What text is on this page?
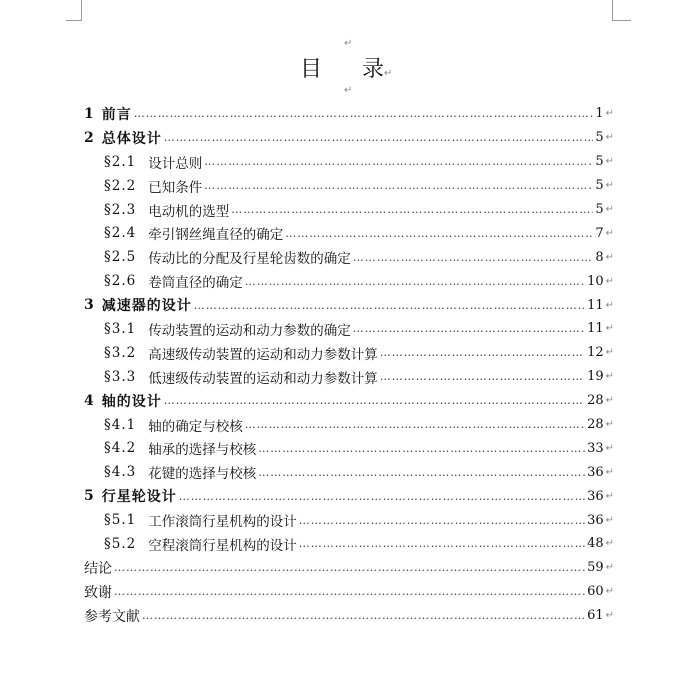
↵
目 录↵
↵
1 前言 ……………………………………………………………………………………………………………………………………………………………………………………………………………………	1 ↵
2 总体设计 ……………………………………………………………………………………………………………………………………………………………………………………………………………………	5 ↵
§2.1 设计总则 ……………………………………………………………………………………………………………………………………………………………………………………………………………………	5 ↵
§2.2 已知条件 ……………………………………………………………………………………………………………………………………………………………………………………………………………………	5 ↵
§2.3 电动机的选型 ……………………………………………………………………………………………………………………………………………………………………………………………………………………	5 ↵
§2.4 牵引钢丝绳直径的确定 ……………………………………………………………………………………………………………………………………………………………………………………………………………………	7 ↵
§2.5 传动比的分配及行星轮齿数的确定 ……………………………………………………………………………………………………………………………………………………………………………………………………………………	8 ↵
§2.6 卷筒直径的确定 ……………………………………………………………………………………………………………………………………………………………………………………………………………………	10 ↵
3 减速器的设计 ……………………………………………………………………………………………………………………………………………………………………………………………………………………	11 ↵
§3.1 传动装置的运动和动力参数的确定 ……………………………………………………………………………………………………………………………………………………………………………………………………………………	11 ↵
§3.2 高速级传动装置的运动和动力参数计算 ……………………………………………………………………………………………………………………………………………………………………………………………………………………	12 ↵
§3.3 低速级传动装置的运动和动力参数计算 ……………………………………………………………………………………………………………………………………………………………………………………………………………………	19 ↵
4 轴的设计 ……………………………………………………………………………………………………………………………………………………………………………………………………………………	28 ↵
§4.1 轴的确定与校核 ……………………………………………………………………………………………………………………………………………………………………………………………………………………	28 ↵
§4.2 轴承的选择与校核 ……………………………………………………………………………………………………………………………………………………………………………………………………………………	33 ↵
§4.3 花键的选择与校核 ……………………………………………………………………………………………………………………………………………………………………………………………………………………	36 ↵
5 行星轮设计 ……………………………………………………………………………………………………………………………………………………………………………………………………………………	36 ↵
§5.1 工作滚筒行星机构的设计 ……………………………………………………………………………………………………………………………………………………………………………………………………………………	36 ↵
§5.2 空程滚筒行星机构的设计 ……………………………………………………………………………………………………………………………………………………………………………………………………………………	48 ↵
结论 ……………………………………………………………………………………………………………………………………………………………………………………………………………………	59 ↵
致谢 ……………………………………………………………………………………………………………………………………………………………………………………………………………………	60 ↵
参考文献 ……………………………………………………………………………………………………………………………………………………………………………………………………………………	61 ↵
